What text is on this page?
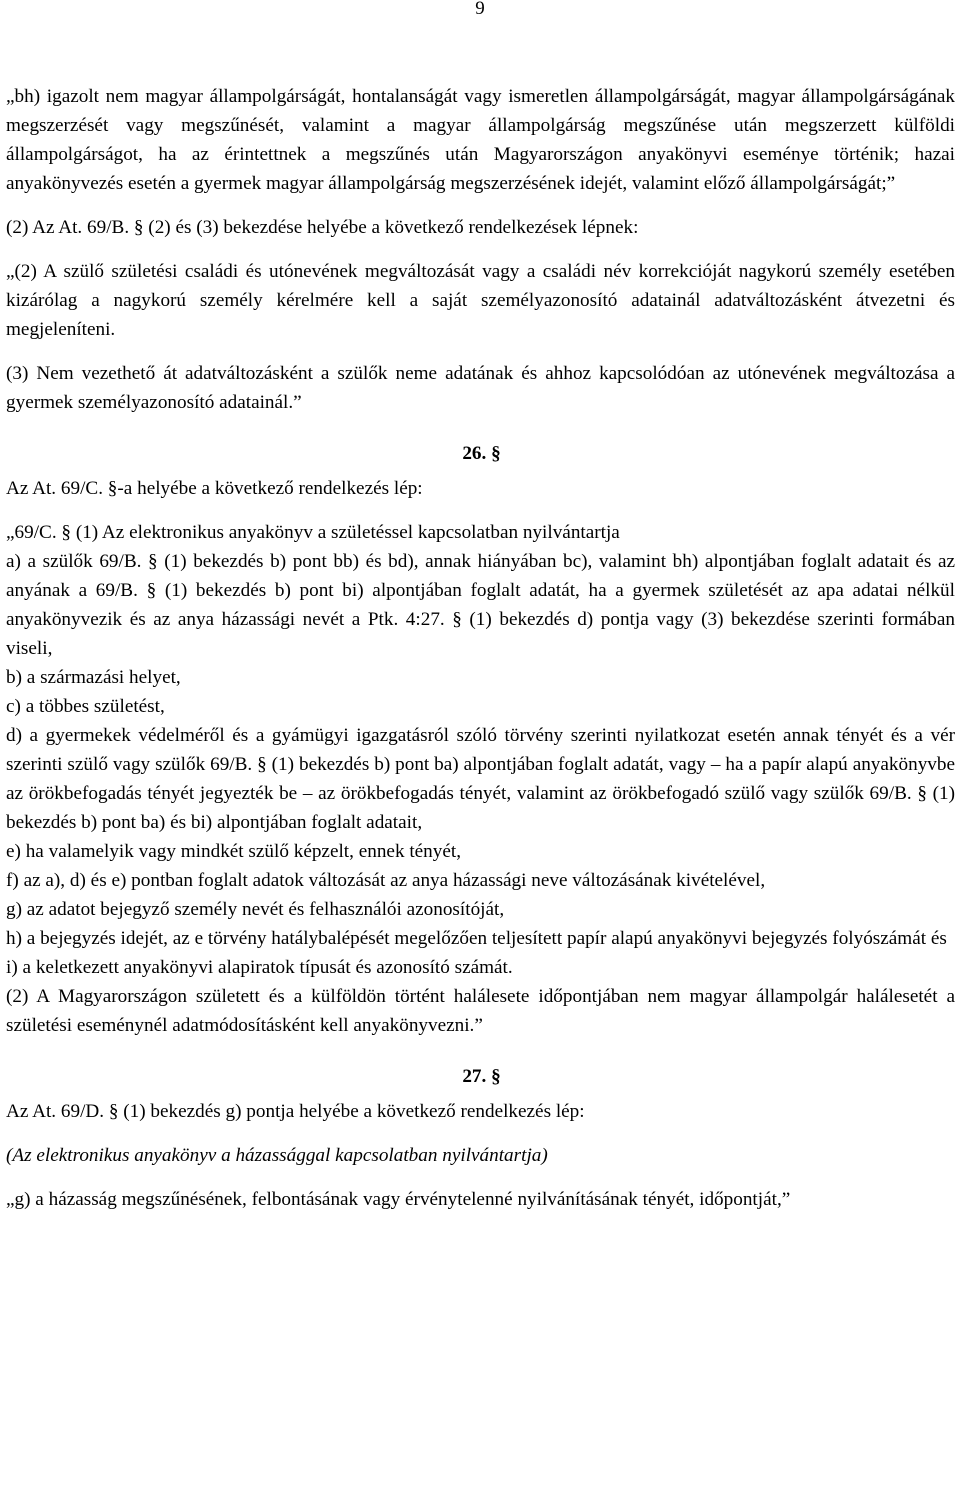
9

„bh) igazolt nem magyar állampolgárságát, hontalanságát vagy ismeretlen állampolgárságát, magyar állampolgárságának megszerzését vagy megszűnését, valamint a magyar állampolgárság megszűnése után megszerzett külföldi állampolgárságot, ha az érintettnek a megszűnés után Magyarországon anyakönyvi eseménye történik; hazai anyakönyvezés esetén a gyermek magyar állampolgárság megszerzésének idejét, valamint előző állampolgárságát;”

(2) Az At. 69/B. § (2) és (3) bekezdése helyébe a következő rendelkezések lépnek:

„(2) A szülő születési családi és utónevének megváltozását vagy a családi név korrekcióját nagykorú személy esetében kizárólag a nagykorú személy kérelmére kell a saját személyazonosító adatainál adatváltozásként átvezetni és megjeleníteni.

(3) Nem vezethető át adatváltozásként a szülők neme adatának és ahhoz kapcsolódóan az utónevének megváltozása a gyermek személyazonosító adatainál.”

26. §

Az At. 69/C. §-a helyébe a következő rendelkezés lép:

„69/C. § (1) Az elektronikus anyakönyv a születéssel kapcsolatban nyilvántartja

a) a szülők 69/B. § (1) bekezdés b) pont bb) és bd), annak hiányában bc), valamint bh) alpontjában foglalt adatait és az anyának a 69/B. § (1) bekezdés b) pont bi) alpontjában foglalt adatát, ha a gyermek születését az apa adatai nélkül anyakönyvezik és az anya házassági nevét a Ptk. 4:27. § (1) bekezdés d) pontja vagy (3) bekezdése szerinti formában viseli,

b) a származási helyet,

c) a többes születést,

d) a gyermekek védelméről és a gyámügyi igazgatásról szóló törvény szerinti nyilatkozat esetén annak tényét és a vér szerinti szülő vagy szülők 69/B. § (1) bekezdés b) pont ba) alpontjában foglalt adatát, vagy – ha a papír alapú anyakönyvbe az örökbefogadás tényét jegyezték be – az örökbefogadás tényét, valamint az örökbefogadó szülő vagy szülők 69/B. § (1) bekezdés b) pont ba) és bi) alpontjában foglalt adatait,

e) ha valamelyik vagy mindkét szülő képzelt, ennek tényét,

f) az a), d) és e) pontban foglalt adatok változását az anya házassági neve változásának kivételével,

g) az adatot bejegyző személy nevét és felhasználói azonosítóját,

h) a bejegyzés idejét, az e törvény hatálybalépését megelőzően teljesített papír alapú anyakönyvi bejegyzés folyószámát és

i) a keletkezett anyakönyvi alapiratok típusát és azonosító számát.

(2) A Magyarországon született és a külföldön történt halálesete időpontjában nem magyar állampolgár halálesetét a születési eseménynél adatmódosításként kell anyakönyvezni.”

27. §

Az At. 69/D. § (1) bekezdés g) pontja helyébe a következő rendelkezés lép:

(Az elektronikus anyakönyv a házassággal kapcsolatban nyilvántartja)

„g) a házasság megszűnésének, felbontásának vagy érvénytelenné nyilvánításának tényét, időpontját,”
